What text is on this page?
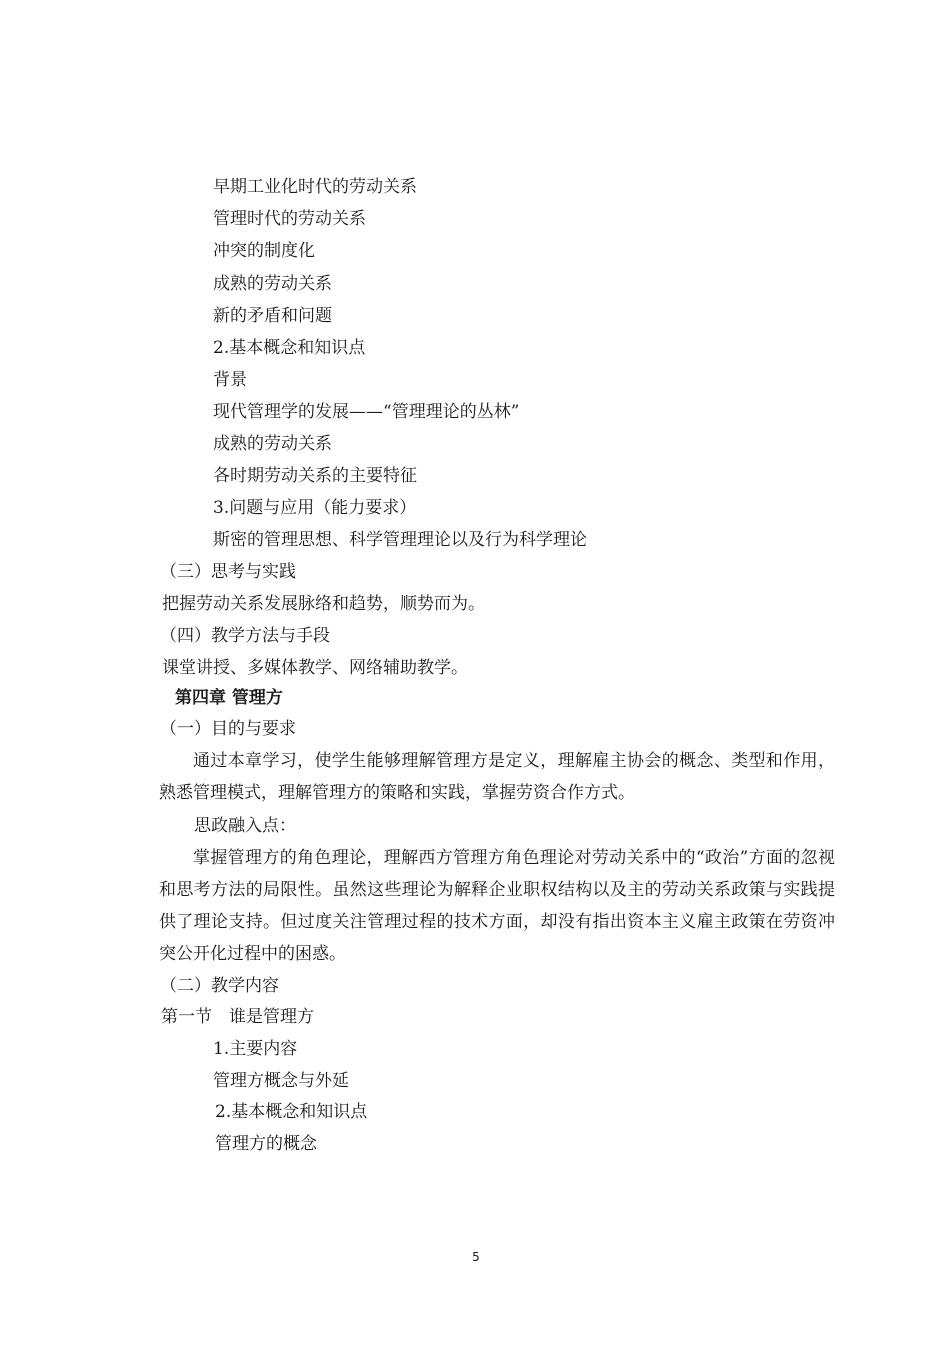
早期工业化时代的劳动关系
管理时代的劳动关系
冲突的制度化
成熟的劳动关系
新的矛盾和问题
2.基本概念和知识点
背景
现代管理学的发展——“管理理论的丛林”
成熟的劳动关系
各时期劳动关系的主要特征
3.问题与应用（能力要求）
斯密的管理思想、科学管理理论以及行为科学理论
（三）思考与实践
把握劳动关系发展脉络和趋势，顺势而为。
（四）教学方法与手段
课堂讲授、多媒体教学、网络辅助教学。
第四章 管理方
（一）目的与要求
通过本章学习，使学生能够理解管理方是定义，理解雇主协会的概念、类型和作用，熟悉管理模式，理解管理方的策略和实践，掌握劳资合作方式。
思政融入点：
掌握管理方的角色理论，理解西方管理方角色理论对劳动关系中的“政治”方面的忽视和思考方法的局限性。虽然这些理论为解释企业职权结构以及主的劳动关系政策与实践提供了理论支持。但过度关注管理过程的技术方面，却没有指出资本主义雇主政策在劳资冲突公开化过程中的困惑。
（二）教学内容
第一节　谁是管理方
1.主要内容
管理方概念与外延
2.基本概念和知识点
管理方的概念
5
